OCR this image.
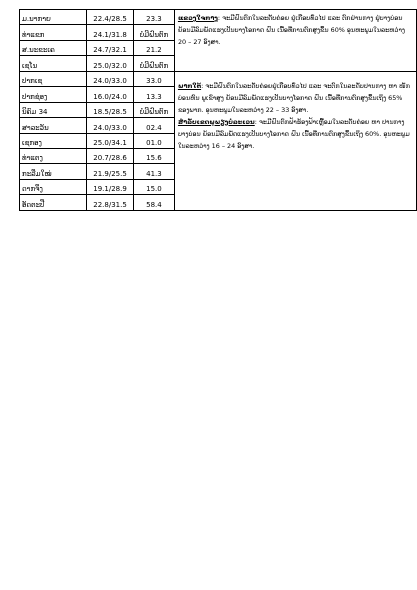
ມ.ນາກາຍ	22.4/28.5	23.3	ແຂວງໃຈກາງ: ຈະມີຝົນຕົກໃນລະດັບຄ່ອຍ ຢູ່ເກືອບທົ່ວໄປ ແລະ ຕົກຢ່ານກາງ ຢູ່ບາງບ່ອນ ຍ້ອນມີລົມພັດແຮງເປັນບາງໂອກາດ ຝົນ ເນື້ອທີ່ການຕົກສູງຂຶ້ນ 60% ອຸນຫະພູມໃນລະຫວ່າງ 20 – 27 ອົງສາ.
ທ່າແຂກ	24.1/31.8	ບໍ່ມີຝົນຕົກ	
ສ.ນະຂະເຄ	24.7/32.1	21.2	
ເຊໂນ	25.0/32.0	ບໍ່ມີຝົນຕົກ	
ປາກເຊ	24.0/33.0	33.0	ພາກໃຕ້: ຈະມີຝົນຕົກໃນລະດັບຄ່ອຍຢູ່ເກືອບທົ່ວໄປ ແລະ ຈະຕົກໃນລະດັບປານກາງ ຫາ ໜັກ ບ່ອນຫົນ ພູເຂົາສູງ ຍ້ອນມີລົມພັດແຮງເປັນບາງໂອກາດ ຝົນ ເນື້ອທີ່ການຕົກສູງຂຶ້ນເຖິງ 65% ຂອງພາກ. ອຸນຫະພູມໃນລະຫວ່າງ 22 – 33 ອົງສາ.
ສຳລັບເຂດພູພຽງບໍລະເວນ: ຈະມີຝົນຕົກຟ້າຮ້ອງຟ້າເຫຼື້ອມໃນລະດັບຄ່ອຍ ຫາ ປານກາງ ບາງບ່ອນ ຍ້ອນມີລົມພັດແຮງເປັນບາງໂອກາດ ຝົນ ເນື້ອທີ່ການຕົກສູງຂຶ້ນເຖິງ 60%. ອຸນຫະພູມໃນລະຫວ່າງ 16 – 24 ອົງສາ.
ປາກຊ່ອງ	16.0/24.0	13.3	
ນິຄົມ 34	18.5/28.5	ບໍ່ມີຝົນຕົກ	
ສາລະວັນ	24.0/33.0	02.4	
ເຊກອງ	25.0/34.1	01.0	
ທ່າແຕງ	20.7/28.6	15.6	
ກະລືມໃໝ່	21.9/25.5	41.3	
ດາກຈຶງ	19.1/28.9	15.0	
ອັດຕະປື	22.8/31.5	58.4	
